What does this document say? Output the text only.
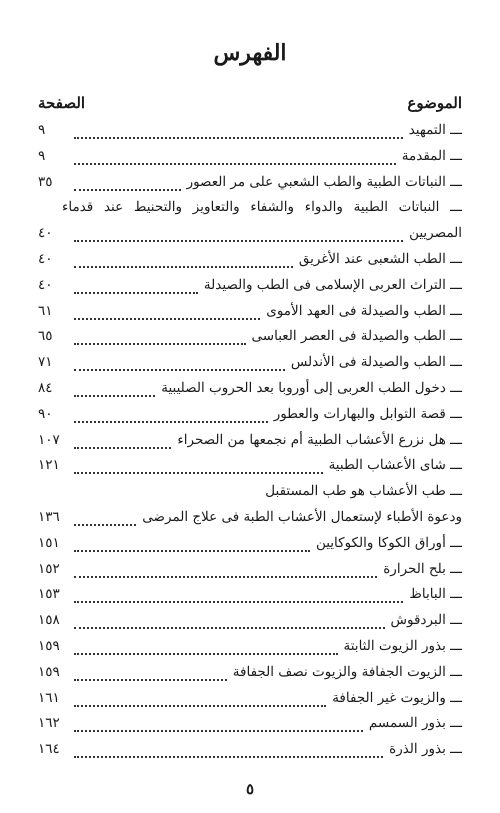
الفهرس
الموضوع
الصفحة
ـــ التمهيد
٩
ـــ المقدمة
٩
ـــ النباتات الطبية والطب الشعبي على مر العصور
٣٥
ـــ النباتات الطبية والدواء والشفاء والتعاويز والتحنيط عند قدماء المصريين
٤٠
ـــ الطب الشعبى عند الأغريق
٤٠
ـــ التراث العربى الإسلامى فى الطب والصيدلة
٤٠
ـــ الطب والصيدلة فى العهد الأموى
٦١
ـــ الطب والصيدلة فى العصر العباسى
٦٥
ـــ الطب والصيدلة فى الأندلس
٧١
ـــ دخول الطب العربى إلى أوروبا بعد الحروب الصليبية
٨٤
ـــ قصة التوابل والبهارات والعطور
٩٠
ـــ هل نزرع الأعشاب الطبية أم نجمعها من الصحراء
١٠٧
ـــ شاى الأعشاب الطبية
١٢١
ـــ طب الأعشاب هو طب المستقبل
ودعوة الأطباء لإستعمال الأعشاب الطبة فى علاج المرضى
١٣٦
ـــ أوراق الكوكا والكوكايين
١٥١
ـــ بلح الحرارة
١٥٢
ـــ الباباظ
١٥٣
ـــ البردقوش
١٥٨
ـــ بذور الزيوت الثابتة
١٥٩
ـــ الزيوت الجفافة والزيوت نصف الجفافة
١٥٩
ـــ والزيوت غير الجفافة
١٦١
ـــ بذور السمسم
١٦٢
ـــ بذور الذرة
١٦٤
٥
